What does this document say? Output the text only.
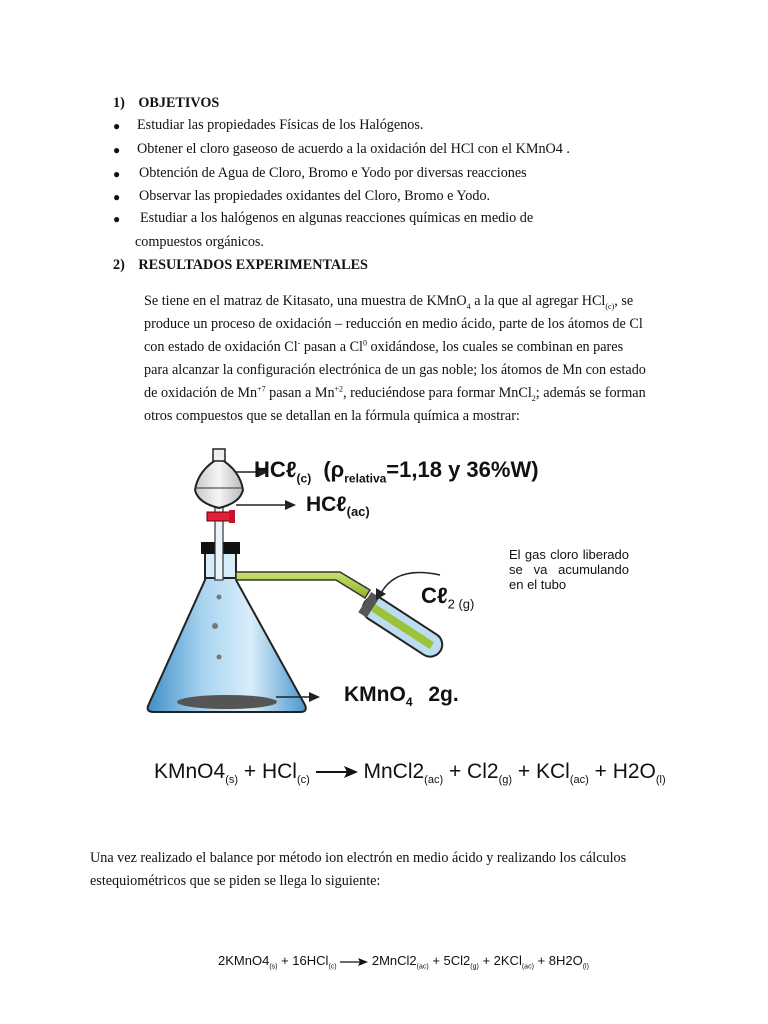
1) OBJETIVOS
● Estudiar las propiedades Físicas de los Halógenos.
● Obtener el cloro gaseoso de acuerdo a la oxidación del HCl con el KMnO4 .
● Obtención de Agua de Cloro, Bromo e Yodo por diversas reacciones
● Observar las propiedades oxidantes del Cloro, Bromo e Yodo.
● Estudiar a los halógenos en algunas reacciones químicas en medio de
compuestos orgánicos.
2) RESULTADOS EXPERIMENTALES
Se tiene en el matraz de Kitasato, una muestra de KMnO$_4$ a la que al agregar HCl$_{(c)}$, se
produce un proceso de oxidación – reducción en medio ácido, parte de los átomos de Cl
con estado de oxidación Cl- pasan a Cl$^0$ oxidándose, los cuales se combinan en pares
para alcanzar la configuración electrónica de un gas noble; los átomos de Mn con estado
de oxidación de $Mn^{+7}$ pasan a $Mn^{+2}$, reduciéndose para formar MnCl$_2$; además se forman
otros compuestos que se detallan en la fórmula química a mostrar:
HCℓ$_{(c)}$ ($\rho_{relativa}=1,18$ y 36%W)
HCℓ$_{(ac)}$
Cℓ$_{2 (g)}$
KMnO$_4$ 2g.
El gas cloro liberado se va acumulando en el tubo
$KMnO4_{(s)} + HCl_{(c)}$ → $MnCl2_{(ac)} + Cl2_{(g)} + KCl_{(ac)} + H2O_{(l)}$
Una vez realizado el balance por método ion electrón en medio ácido y realizando los cálculos
estequiométricos que se piden se llega lo siguiente:
$2KMnO4_{(s)} + 16HCl_{(c)}$ → $2MnCl2_{(ac)} + 5Cl2_{(g)} + 2KCl_{(ac)} + 8H2O_{(l)}$
